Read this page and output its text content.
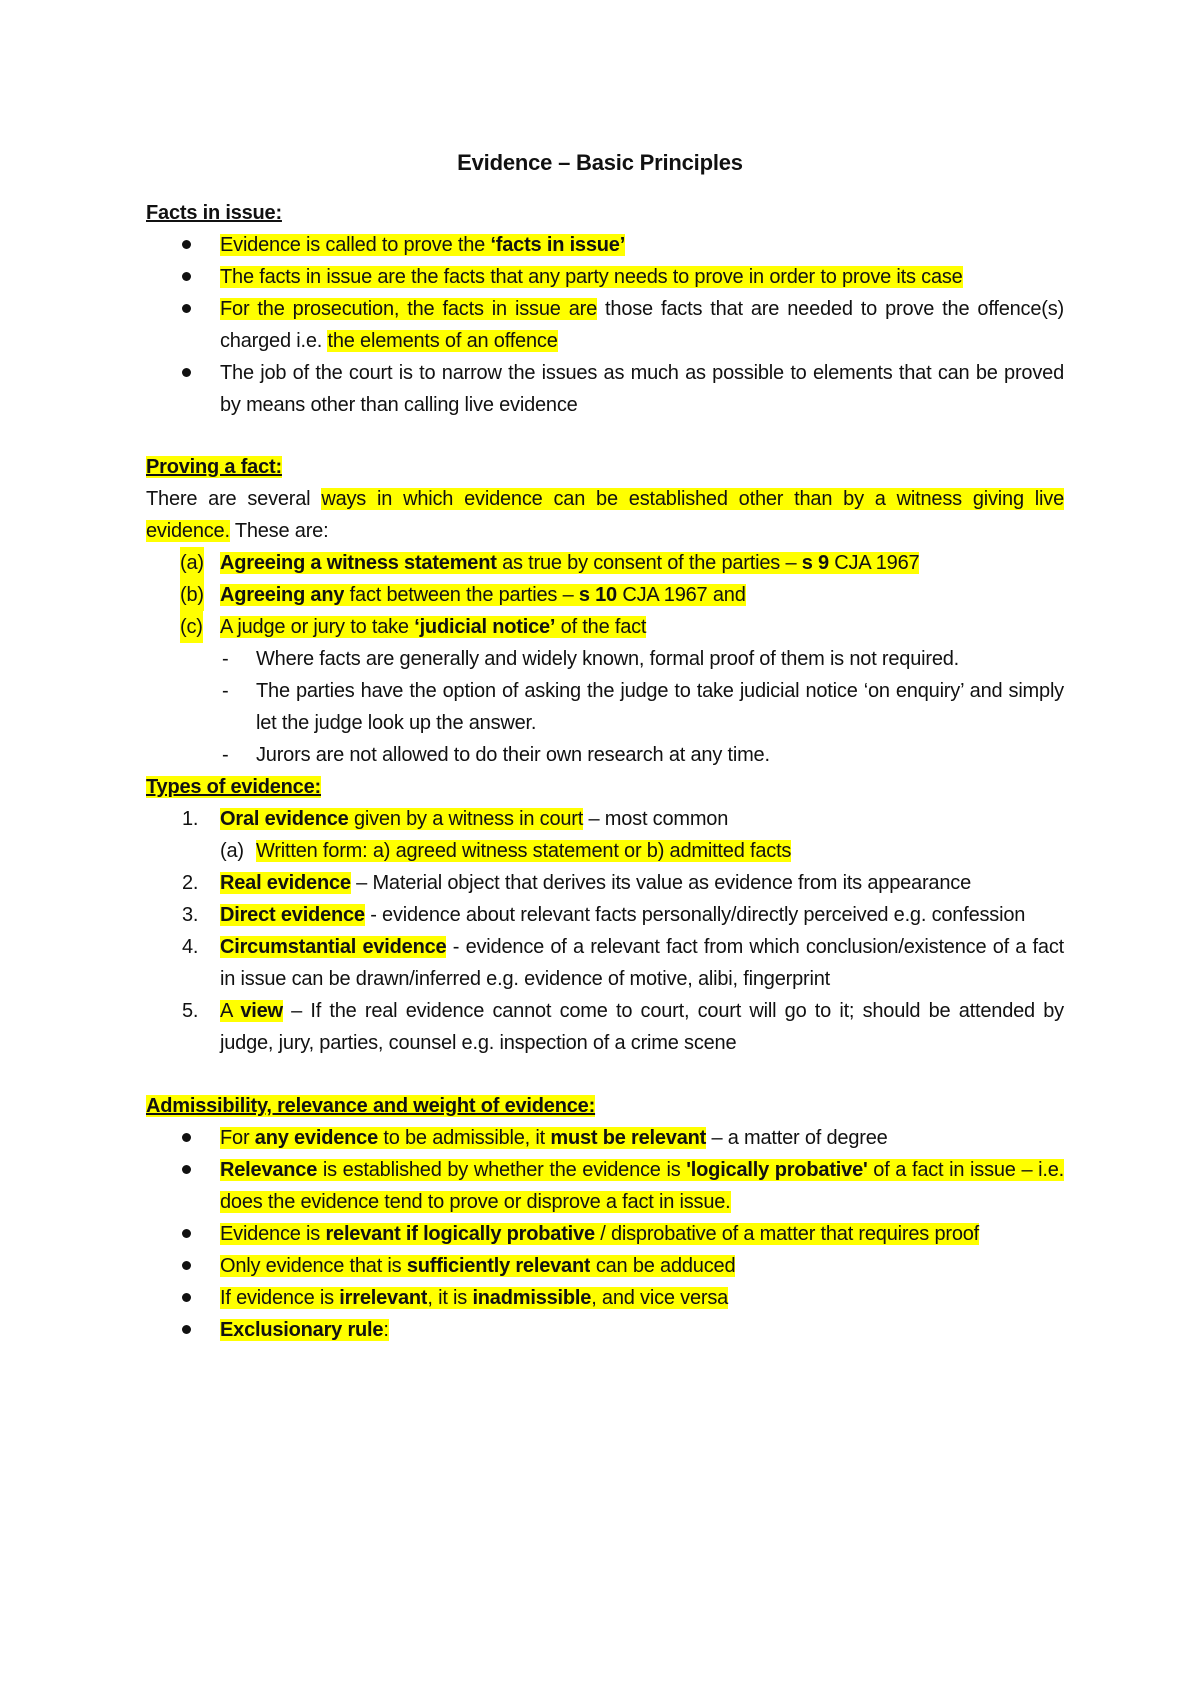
Evidence – Basic Principles
Facts in issue:
Evidence is called to prove the ‘facts in issue’
The facts in issue are the facts that any party needs to prove in order to prove its case
For the prosecution, the facts in issue are those facts that are needed to prove the offence(s) charged i.e. the elements of an offence
The job of the court is to narrow the issues as much as possible to elements that can be proved by means other than calling live evidence
Proving a fact:
There are several ways in which evidence can be established other than by a witness giving live evidence. These are:
(a) Agreeing a witness statement as true by consent of the parties – s 9 CJA 1967
(b) Agreeing any fact between the parties – s 10 CJA 1967 and
(c) A judge or jury to take ‘judicial notice’ of the fact
- Where facts are generally and widely known, formal proof of them is not required.
- The parties have the option of asking the judge to take judicial notice ‘on enquiry’ and simply let the judge look up the answer.
- Jurors are not allowed to do their own research at any time.
Types of evidence:
1. Oral evidence given by a witness in court – most common
(a) Written form: a) agreed witness statement or b) admitted facts
2. Real evidence – Material object that derives its value as evidence from its appearance
3. Direct evidence - evidence about relevant facts personally/directly perceived e.g. confession
4. Circumstantial evidence - evidence of a relevant fact from which conclusion/existence of a fact in issue can be drawn/inferred e.g. evidence of motive, alibi, fingerprint
5. A view – If the real evidence cannot come to court, court will go to it; should be attended by judge, jury, parties, counsel e.g. inspection of a crime scene
Admissibility, relevance and weight of evidence:
For any evidence to be admissible, it must be relevant – a matter of degree
Relevance is established by whether the evidence is 'logically probative' of a fact in issue – i.e. does the evidence tend to prove or disprove a fact in issue.
Evidence is relevant if logically probative / disprobative of a matter that requires proof
Only evidence that is sufficiently relevant can be adduced
If evidence is irrelevant, it is inadmissible, and vice versa
Exclusionary rule:
